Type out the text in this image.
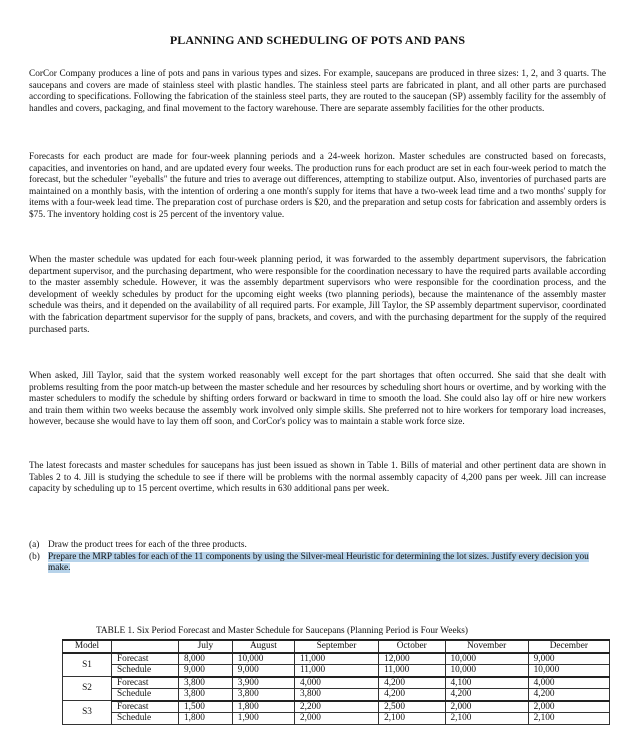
PLANNING AND SCHEDULING OF POTS AND PANS

CorCor Company produces a line of pots and pans in various types and sizes. For example, saucepans are produced in three sizes: 1, 2, and 3 quarts. The saucepans and covers are made of stainless steel with plastic handles. The stainless steel parts are fabricated in plant, and all other parts are purchased according to specifications. Following the fabrication of the stainless steel parts, they are routed to the saucepan (SP) assembly facility for the assembly of handles and covers, packaging, and final movement to the factory warehouse. There are separate assembly facilities for the other products.

Forecasts for each product are made for four-week planning periods and a 24-week horizon. Master schedules are constructed based on forecasts, capacities, and inventories on hand, and are updated every four weeks. The production runs for each product are set in each four-week period to match the forecast, but the scheduler "eyeballs" the future and tries to average out differences, attempting to stabilize output. Also, inventories of purchased parts are maintained on a monthly basis, with the intention of ordering a one month's supply for items that have a two-week lead time and a two months' supply for items with a four-week lead time. The preparation cost of purchase orders is $20, and the preparation and setup costs for fabrication and assembly orders is $75. The inventory holding cost is 25 percent of the inventory value.

When the master schedule was updated for each four-week planning period, it was forwarded to the assembly department supervisors, the fabrication department supervisor, and the purchasing department, who were responsible for the coordination necessary to have the required parts available according to the master assembly schedule. However, it was the assembly department supervisors who were responsible for the coordination process, and the development of weekly schedules by product for the upcoming eight weeks (two planning periods), because the maintenance of the assembly master schedule was theirs, and it depended on the availability of all required parts. For example, Jill Taylor, the SP assembly department supervisor, coordinated with the fabrication department supervisor for the supply of pans, brackets, and covers, and with the purchasing department for the supply of the required purchased parts.

When asked, Jill Taylor, said that the system worked reasonably well except for the part shortages that often occurred. She said that she dealt with problems resulting from the poor match-up between the master schedule and her resources by scheduling short hours or overtime, and by working with the master schedulers to modify the schedule by shifting orders forward or backward in time to smooth the load. She could also lay off or hire new workers and train them within two weeks because the assembly work involved only simple skills. She preferred not to hire workers for temporary load increases, however, because she would have to lay them off soon, and CorCor's policy was to maintain a stable work force size.

The latest forecasts and master schedules for saucepans has just been issued as shown in Table 1. Bills of material and other pertinent data are shown in Tables 2 to 4. Jill is studying the schedule to see if there will be problems with the normal assembly capacity of 4,200 pans per week. Jill can increase capacity by scheduling up to 15 percent overtime, which results in 630 additional pans per week.

(a) Draw the product trees for each of the three products.
(b) Prepare the MRP tables for each of the 11 components by using the Silver-meal Heuristic for determining the lot sizes. Justify every decision you make.
TABLE 1. Six Period Forecast and Master Schedule for Saucepans (Planning Period is Four Weeks)
Model		July	August	September	October	November	December
S1	Forecast	8,000	10,000	11,000	12,000	10,000	9,000
	Schedule	9,000	9,000	11,000	11,000	10,000	10,000
S2	Forecast	3,800	3,900	4,000	4,200	4,100	4,000
	Schedule	3,800	3,800	3,800	4,200	4,200	4,200
S3	Forecast	1,500	1,800	2,200	2,500	2,000	2,000
	Schedule	1,800	1,900	2,000	2,100	2,100	2,100
